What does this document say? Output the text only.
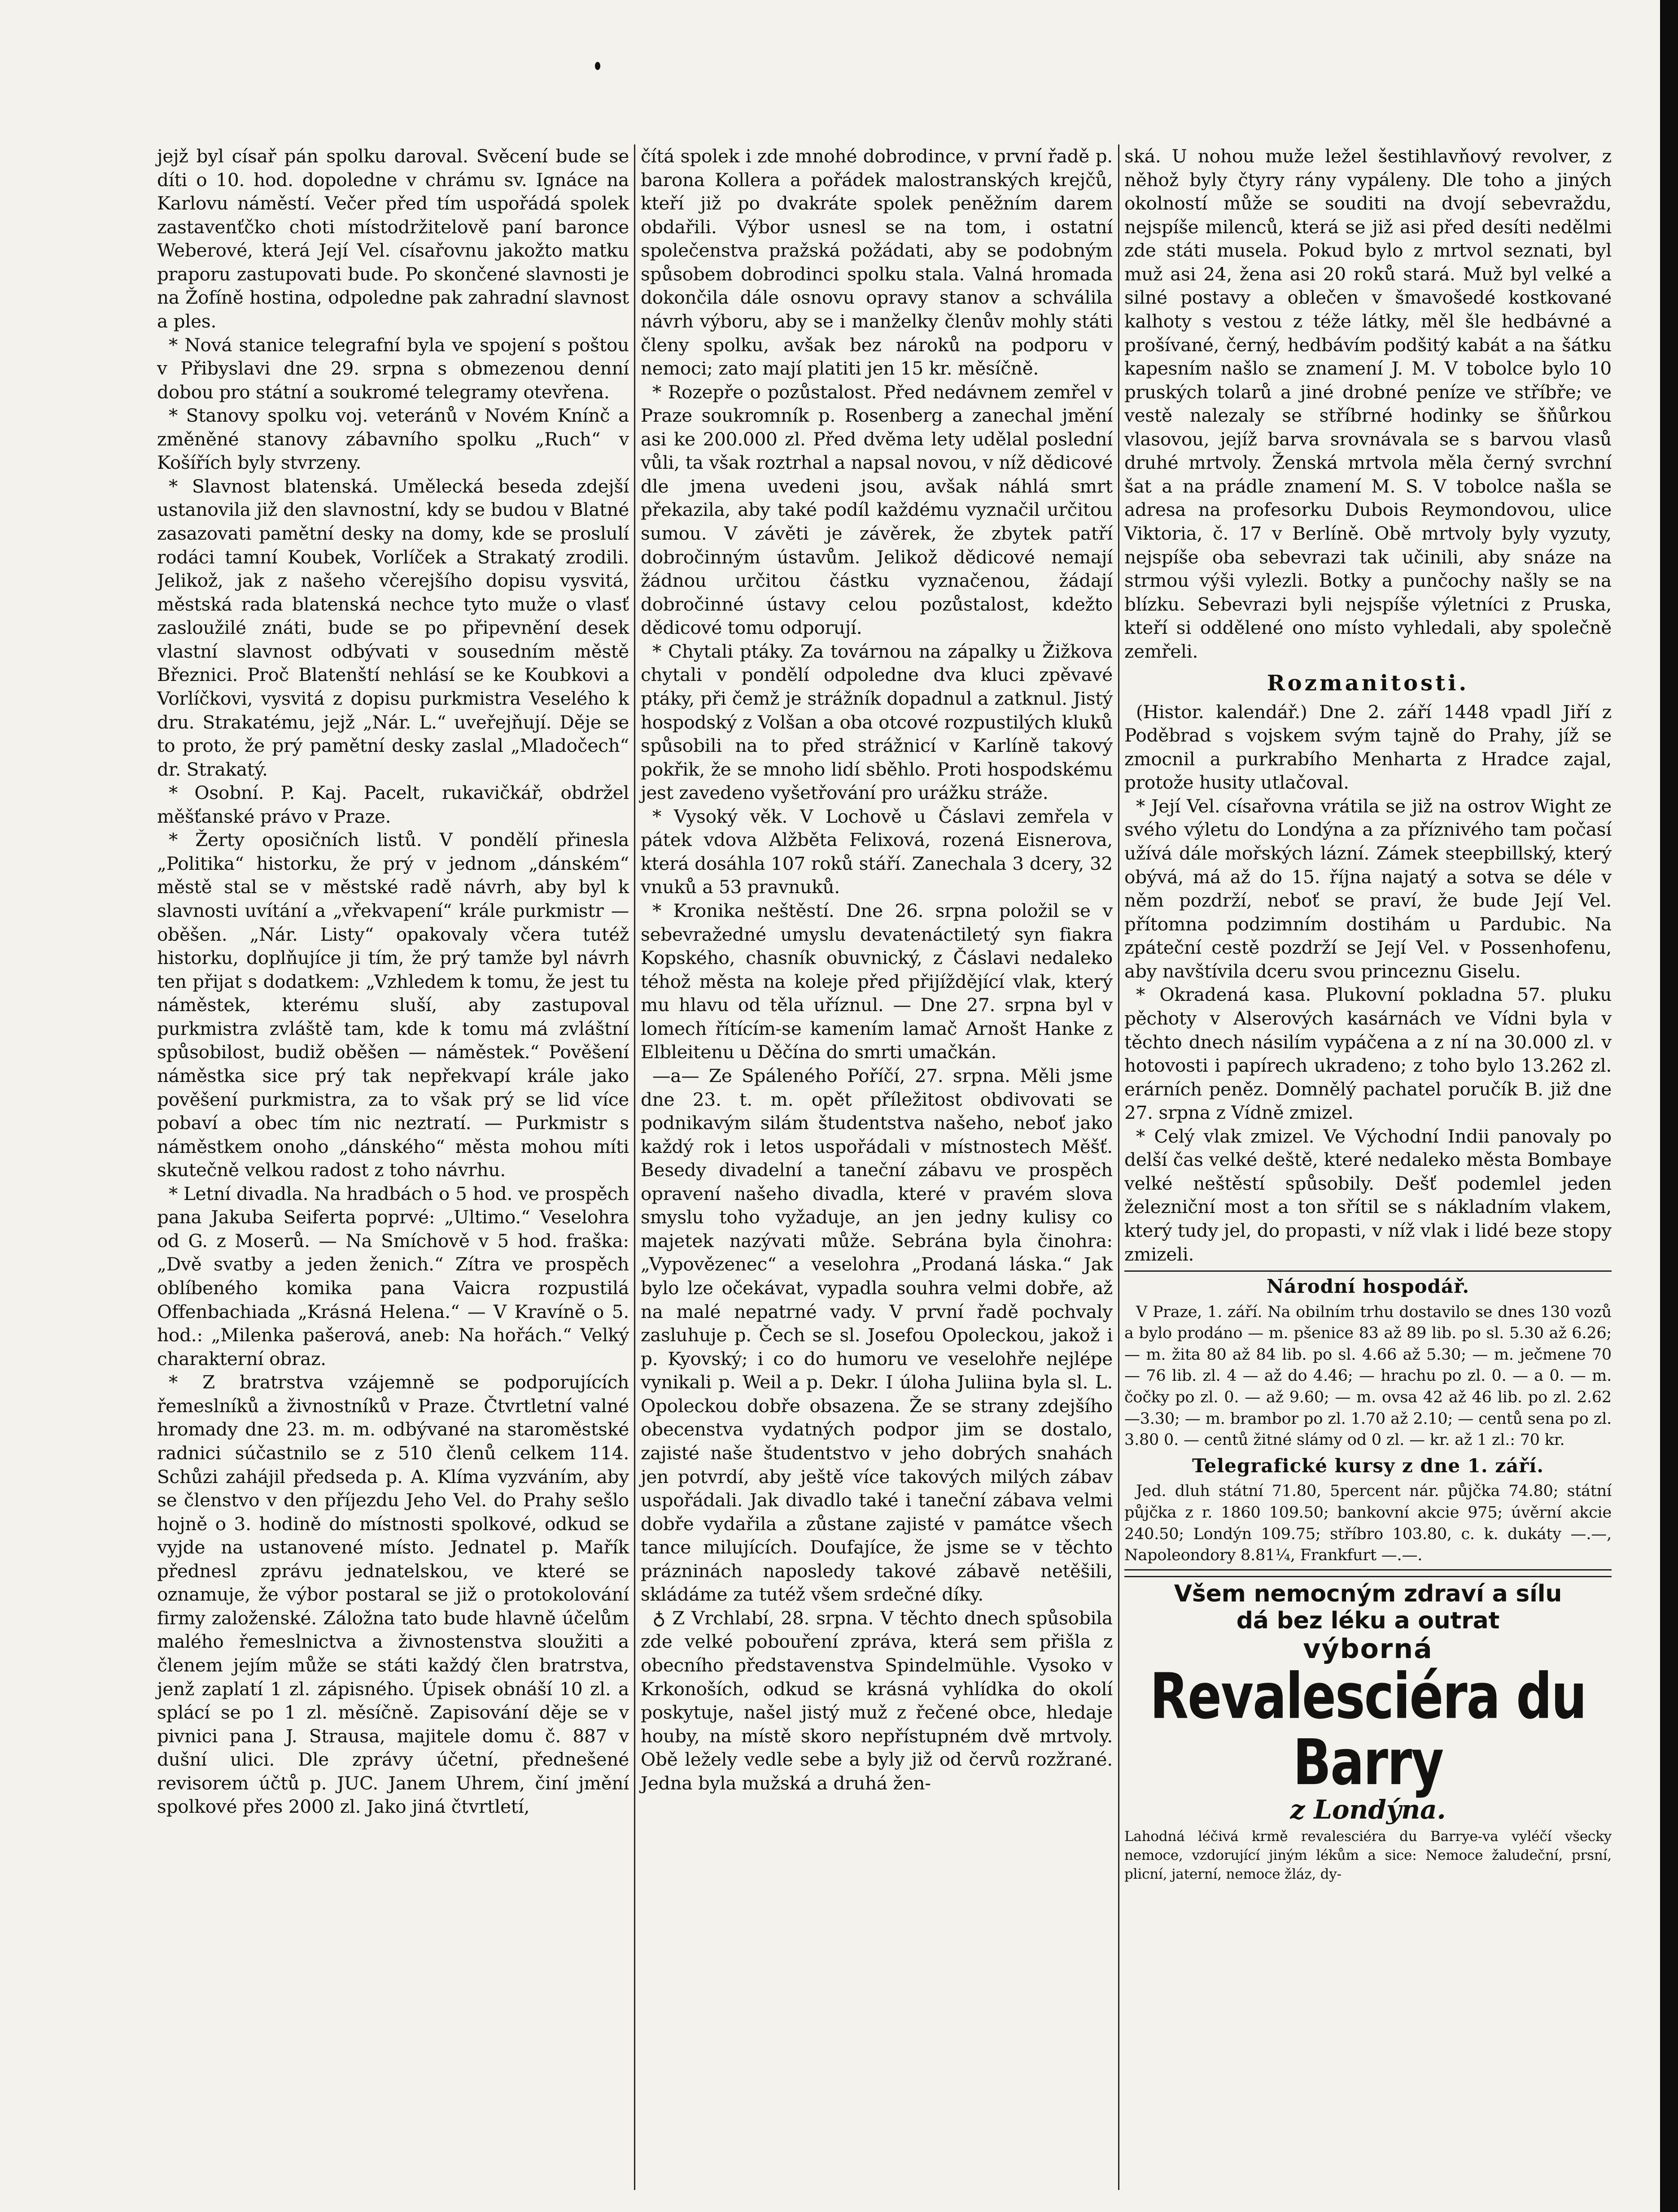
jejž byl císař pán spolku daroval. Svěcení bude se díti o 10. hod. dopoledne v chrámu sv. Ignáce na Karlovu náměstí. Večer před tím uspořádá spolek zastavenťčko choti místodržitelově paní baronce Weberové, která Její Vel. císařovnu jakožto matku praporu zastupovati bude. Po skončené slavnosti je na Žofíně hostina, odpoledne pak zahradní slavnost a ples.

* Nová stanice telegrafní byla ve spojení s poštou v Přibyslavi dne 29. srpna s obmezenou denní dobou pro státní a soukromé telegramy otevřena.

* Stanovy spolku voj. veteránů v Novém Knínč a změněné stanovy zábavního spolku „Ruch“ v Košířích byly stvrzeny.

* Slavnost blatenská. Umělecká beseda zdejší ustanovila již den slavnostní, kdy se budou v Blatné zasazovati pamětní desky na domy, kde se proslulí rodáci tamní Koubek, Vorlíček a Strakatý zrodili. Jelikož, jak z našeho včerejšího dopisu vysvitá, městská rada blatenská nechce tyto muže o vlasť zasloužilé znáti, bude se po připevnění desek vlastní slavnost odbývati v sousedním městě Březnici. Proč Blatenští nehlásí se ke Koubkovi a Vorlíčkovi, vysvitá z dopisu purkmistra Veselého k dru. Strakatému, jejž „Nár. L.“ uveřejňují. Děje se to proto, že prý pamětní desky zaslal „Mladočech“ dr. Strakatý.

* Osobní. P. Kaj. Pacelt, rukavičkář, obdržel měšťanské právo v Praze.

* Žerty oposičních listů. V pondělí přinesla „Politika“ historku, že prý v jednom „dánském“ městě stal se v městské radě návrh, aby byl k slavnosti uvítání a „vřekvapení“ krále purkmistr — oběšen. „Nár. Listy“ opakovaly včera tutéž historku, doplňujíce ji tím, že prý tamže byl návrh ten přijat s dodatkem: „Vzhledem k tomu, že jest tu náměstek, kterému sluší, aby zastupoval purkmistra zvláště tam, kde k tomu má zvláštní spůsobilost, budiž oběšen — náměstek.“ Pověšení náměstka sice prý tak nepřekvapí krále jako pověšení purkmistra, za to však prý se lid více pobaví a obec tím nic neztratí. — Purkmistr s náměstkem onoho „dánského“ města mohou míti skutečně velkou radost z toho návrhu.

* Letní divadla. Na hradbách o 5 hod. ve prospěch pana Jakuba Seiferta poprvé: „Ultimo.“ Veselohra od G. z Moserů. — Na Smíchově v 5 hod. fraška: „Dvě svatby a jeden ženich.“ Zítra ve prospěch oblíbeného komika pana Vaicra rozpustilá Offenbachiada „Krásná Helena.“ — V Kravíně o 5. hod.: „Milenka pašerová, aneb: Na hořách.“ Velký charakterní obraz.

* Z bratrstva vzájemně se podporujících řemeslníků a živnostníků v Praze. Čtvrtletní valné hromady dne 23. m. m. odbývané na staroměstské radnici súčastnilo se z 510 členů celkem 114. Schůzi zahájil předseda p. A. Klíma vyzváním, aby se členstvo v den příjezdu Jeho Vel. do Prahy sešlo hojně o 3. hodině do místnosti spolkové, odkud se vyjde na ustanovené místo. Jednatel p. Mařík přednesl zprávu jednatelskou, ve které se oznamuje, že výbor postaral se již o protokolování firmy založenské. Záložna tato bude hlavně účelům malého řemeslnictva a živnostenstva sloužiti a členem jejím může se státi každý člen bratrstva, jenž zaplatí 1 zl. zápisného. Úpisek obnáší 10 zl. a splácí se po 1 zl. měsíčně. Zapisování děje se v pivnici pana J. Strausa, majitele domu č. 887 v dušní ulici. Dle zprávy účetní, přednešené revisorem účtů p. JUC. Janem Uhrem, činí jmění spolkové přes 2000 zl. Jako jiná čtvrtletí,

čítá spolek i zde mnohé dobrodince, v první řadě p. barona Kollera a pořádek malostranských krejčů, kteří již po dvakráte spolek peněžním darem obdařili. Výbor usnesl se na tom, i ostatní společenstva pražská požádati, aby se podobným spůsobem dobrodinci spolku stala. Valná hromada dokončila dále osnovu opravy stanov a schválila návrh výboru, aby se i manželky členův mohly státi členy spolku, avšak bez nároků na podporu v nemoci; zato mají platiti jen 15 kr. měsíčně.

* Rozepře o pozůstalost. Před nedávnem zemřel v Praze soukromník p. Rosenberg a zanechal jmění asi ke 200.000 zl. Před dvěma lety udělal poslední vůli, ta však roztrhal a napsal novou, v níž dědicové dle jmena uvedeni jsou, avšak náhlá smrt překazila, aby také podíl každému vyznačil určitou sumou. V závěti je závěrek, že zbytek patří dobročinným ústavům. Jelikož dědicové nemají žádnou určitou částku vyznačenou, žádají dobročinné ústavy celou pozůstalost, kdežto dědicové tomu odporují.

* Chytali ptáky. Za továrnou na zápalky u Žižkova chytali v pondělí odpoledne dva kluci zpěvavé ptáky, při čemž je strážník dopadnul a zatknul. Jistý hospodský z Volšan a oba otcové rozpustilých kluků spůsobili na to před strážnicí v Karlíně takový pokřik, že se mnoho lidí sběhlo. Proti hospodskému jest zavedeno vyšetřování pro urážku stráže.

* Vysoký věk. V Lochově u Čáslavi zemřela v pátek vdova Alžběta Felixová, rozená Eisnerova, která dosáhla 107 roků stáří. Zanechala 3 dcery, 32 vnuků a 53 pravnuků.

* Kronika neštěstí. Dne 26. srpna položil se v sebevražedné umyslu devatenáctiletý syn fiakra Kopského, chasník obuvnický, z Čáslavi nedaleko téhož města na koleje před přijíždějící vlak, který mu hlavu od těla uříznul. — Dne 27. srpna byl v lomech řítícím-se kamením lamač Arnošt Hanke z Elbleitenu u Děčína do smrti umačkán.

—a— Ze Spáleného Poříčí, 27. srpna. Měli jsme dne 23. t. m. opět příležitost obdivovati se podnikavým silám študentstva našeho, neboť jako každý rok i letos uspořádali v místnostech Měšť. Besedy divadelní a taneční zábavu ve prospěch opravení našeho divadla, které v pravém slova smyslu toho vyžaduje, an jen jedny kulisy co majetek nazývati může. Sebrána byla činohra: „Vypovězenec“ a veselohra „Prodaná láska.“ Jak bylo lze očekávat, vypadla souhra velmi dobře, až na malé nepatrné vady. V první řadě pochvaly zasluhuje p. Čech se sl. Josefou Opoleckou, jakož i p. Kyovský; i co do humoru ve veselohře nejlépe vynikali p. Weil a p. Dekr. I úloha Juliina byla sl. L. Opoleckou dobře obsazena. Že se strany zdejšího obecenstva vydatných podpor jim se dostalo, zajisté naše študentstvo v jeho dobrých snahách jen potvrdí, aby ještě více takových milých zábav uspořádali. Jak divadlo také i taneční zábava velmi dobře vydařila a zůstane zajisté v památce všech tance milujících. Doufajíce, že jsme se v těchto prázninách naposledy takové zábavě netěšili, skládáme za tutéž všem srdečné díky.

♁ Z Vrchlabí, 28. srpna. V těchto dnech spůsobila zde velké pobouření zpráva, která sem přišla z obecního představenstva Spindelmühle. Vysoko v Krkonoších, odkud se krásná vyhlídka do okolí poskytuje, našel jistý muž z řečené obce, hledaje houby, na místě skoro nepřístupném dvě mrtvoly. Obě ležely vedle sebe a byly již od červů rozžrané. Jedna byla mužská a druhá žen-

ská. U nohou muže ležel šestihlavňový revolver, z něhož byly čtyry rány vypáleny. Dle toho a jiných okolností může se souditi na dvojí sebevraždu, nejspíše milenců, která se již asi před desíti nedělmi zde státi musela. Pokud bylo z mrtvol seznati, byl muž asi 24, žena asi 20 roků stará. Muž byl velké a silné postavy a oblečen v šmavošedé kostkované kalhoty s vestou z téže látky, měl šle hedbávné a prošívané, černý, hedbávím podšitý kabát a na šátku kapesním našlo se znamení J. M. V tobolce bylo 10 pruských tolarů a jiné drobné peníze ve stříbře; ve vestě nalezaly se stříbrné hodinky se šňůrkou vlasovou, jejíž barva srovnávala se s barvou vlasů druhé mrtvoly. Ženská mrtvola měla černý svrchní šat a na prádle znamení M. S. V tobolce našla se adresa na profesorku Dubois Reymondovou, ulice Viktoria, č. 17 v Berlíně. Obě mrtvoly byly vyzuty, nejspíše oba sebevrazi tak učinili, aby snáze na strmou výši vylezli. Botky a punčochy našly se na blízku. Sebevrazi byli nejspíše výletníci z Pruska, kteří si oddělené ono místo vyhledali, aby společně zemřeli.

Rozmanitosti.

(Histor. kalendář.) Dne 2. září 1448 vpadl Jiří z Poděbrad s vojskem svým tajně do Prahy, jíž se zmocnil a purkrabího Menharta z Hradce zajal, protože husity utlačoval.

* Její Vel. císařovna vrátila se již na ostrov Wight ze svého výletu do Londýna a za příznivého tam počasí užívá dále mořských lázní. Zámek steepbillský, který obývá, má až do 15. října najatý a sotva se déle v něm pozdrží, neboť se praví, že bude Její Vel. přítomna podzimním dostihám u Pardubic. Na zpáteční cestě pozdrží se Její Vel. v Possenhofenu, aby navštívila dceru svou princeznu Giselu.

* Okradená kasa. Plukovní pokladna 57. pluku pěchoty v Alserových kasárnách ve Vídni byla v těchto dnech násilím vypáčena a z ní na 30.000 zl. v hotovosti i papírech ukradeno; z toho bylo 13.262 zl. erárních peněz. Domnělý pachatel poručík B. již dne 27. srpna z Vídně zmizel.

* Celý vlak zmizel. Ve Východní Indii panovaly po delší čas velké deště, které nedaleko města Bombaye velké neštěstí spůsobily. Dešť podemlel jeden železniční most a ton sřítil se s nákladním vlakem, který tudy jel, do propasti, v níž vlak i lidé beze stopy zmizeli.

Národní hospodář.

V Praze, 1. září. Na obilním trhu dostavilo se dnes 130 vozů a bylo prodáno — m. pšenice 83 až 89 lib. po sl. 5.30 až 6.26; — m. žita 80 až 84 lib. po sl. 4.66 až 5.30; — m. ječmene 70 — 76 lib. zl. 4 — až do 4.46; — hrachu po zl. 0. — a 0. — m. čočky po zl. 0. — až 9.60; — m. ovsa 42 až 46 lib. po zl. 2.62—3.30; — m. brambor po zl. 1.70 až 2.10; — centů sena po zl. 3.80 0. — centů žitné slámy od 0 zl. — kr. až 1 zl.: 70 kr.

Telegrafické kursy z dne 1. září.

Jed. dluh státní 71.80, 5percent nár. půjčka 74.80; státní půjčka z r. 1860 109.50; bankovní akcie 975; úvěrní akcie 240.50; Londýn 109.75; stříbro 103.80, c. k. dukáty —.—, Napoleondory 8.81¼, Frankfurt —.—.

Všem nemocným zdraví a sílu
dá bez léku a outrat
výborná
Revalesciéra du Barry
z Londýna.
Lahodná léčivá krmě revalesciéra du Barrye-va vyléčí všecky nemoce, vzdorující jiným lékům a sice: Nemoce žaludeční, prsní, plicní, jaterní, nemoce žláz, dy-
